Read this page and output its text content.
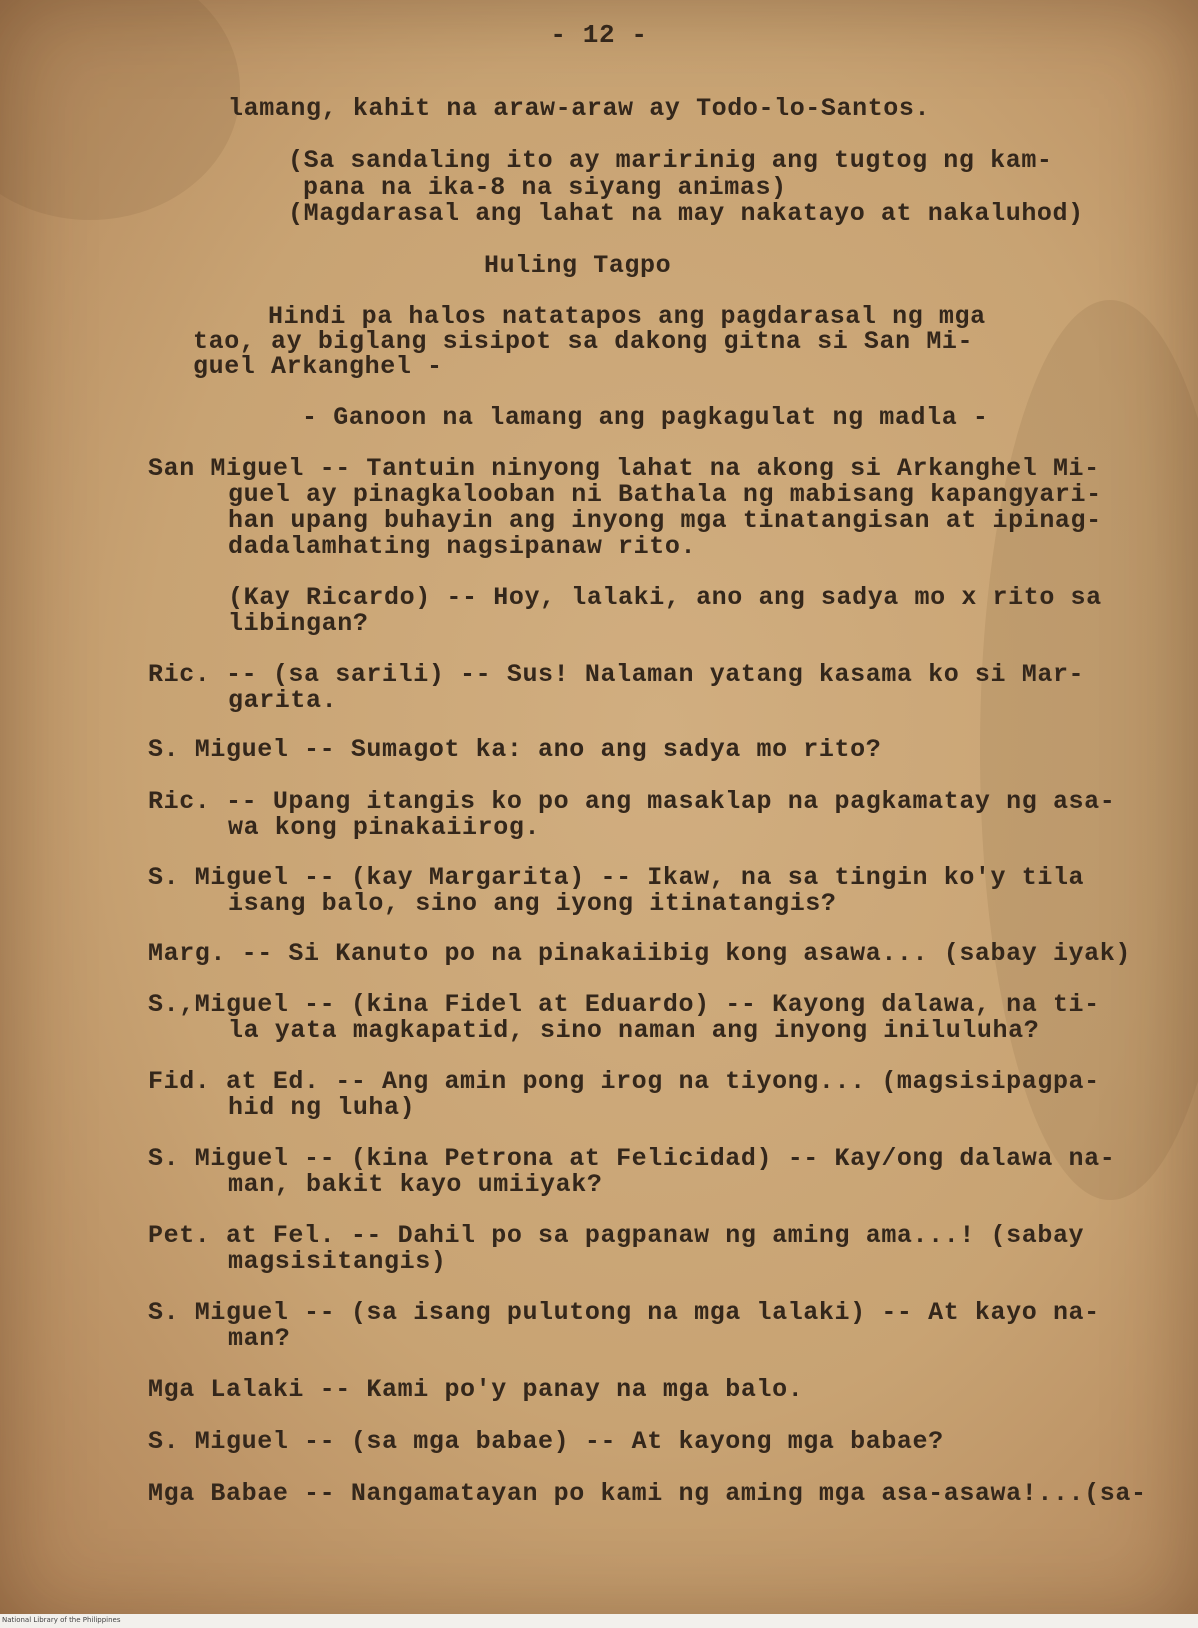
- 12 -

lamang, kahit na araw-araw ay Todo-lo-Santos.

(Sa sandaling ito ay maririnig ang tugtog ng kam-

pana na ika-8 na siyang animas)

(Magdarasal ang lahat na may nakatayo at nakaluhod)

Huling Tagpo

Hindi pa halos natatapos ang pagdarasal ng mga

tao, ay biglang sisipot sa dakong gitna si San Mi-

guel Arkanghel -

- Ganoon na lamang ang pagkagulat ng madla -

San Miguel -- Tantuin ninyong lahat na akong si Arkanghel Mi-

guel ay pinagkalooban ni Bathala ng mabisang kapangyari-

han upang buhayin ang inyong mga tinatangisan at ipinag-

dadalamhating nagsipanaw rito.

(Kay Ricardo) -- Hoy, lalaki, ano ang sadya mo x rito sa

libingan?

Ric. -- (sa sarili) -- Sus! Nalaman yatang kasama ko si Mar-

garita.

S. Miguel -- Sumagot ka: ano ang sadya mo rito?

Ric. -- Upang itangis ko po ang masaklap na pagkamatay ng asa-

wa kong pinakaiirog.

S. Miguel -- (kay Margarita) -- Ikaw, na sa tingin ko'y tila

isang balo, sino ang iyong itinatangis?

Marg. -- Si Kanuto po na pinakaiibig kong asawa... (sabay iyak)

S.,Miguel -- (kina Fidel at Eduardo) -- Kayong dalawa, na ti-

la yata magkapatid, sino naman ang inyong iniluluha?

Fid. at Ed. -- Ang amin pong irog na tiyong... (magsisipagpa-

hid ng luha)

S. Miguel -- (kina Petrona at Felicidad) -- Kay/ong dalawa na-

man, bakit kayo umiiyak?

Pet. at Fel. -- Dahil po sa pagpanaw ng aming ama...! (sabay

magsisitangis)

S. Miguel -- (sa isang pulutong na mga lalaki) -- At kayo na-

man?

Mga Lalaki -- Kami po'y panay na mga balo.

S. Miguel -- (sa mga babae) -- At kayong mga babae?

Mga Babae -- Nangamatayan po kami ng aming mga asa-asawa!...(sa-

National Library of the Philippines
